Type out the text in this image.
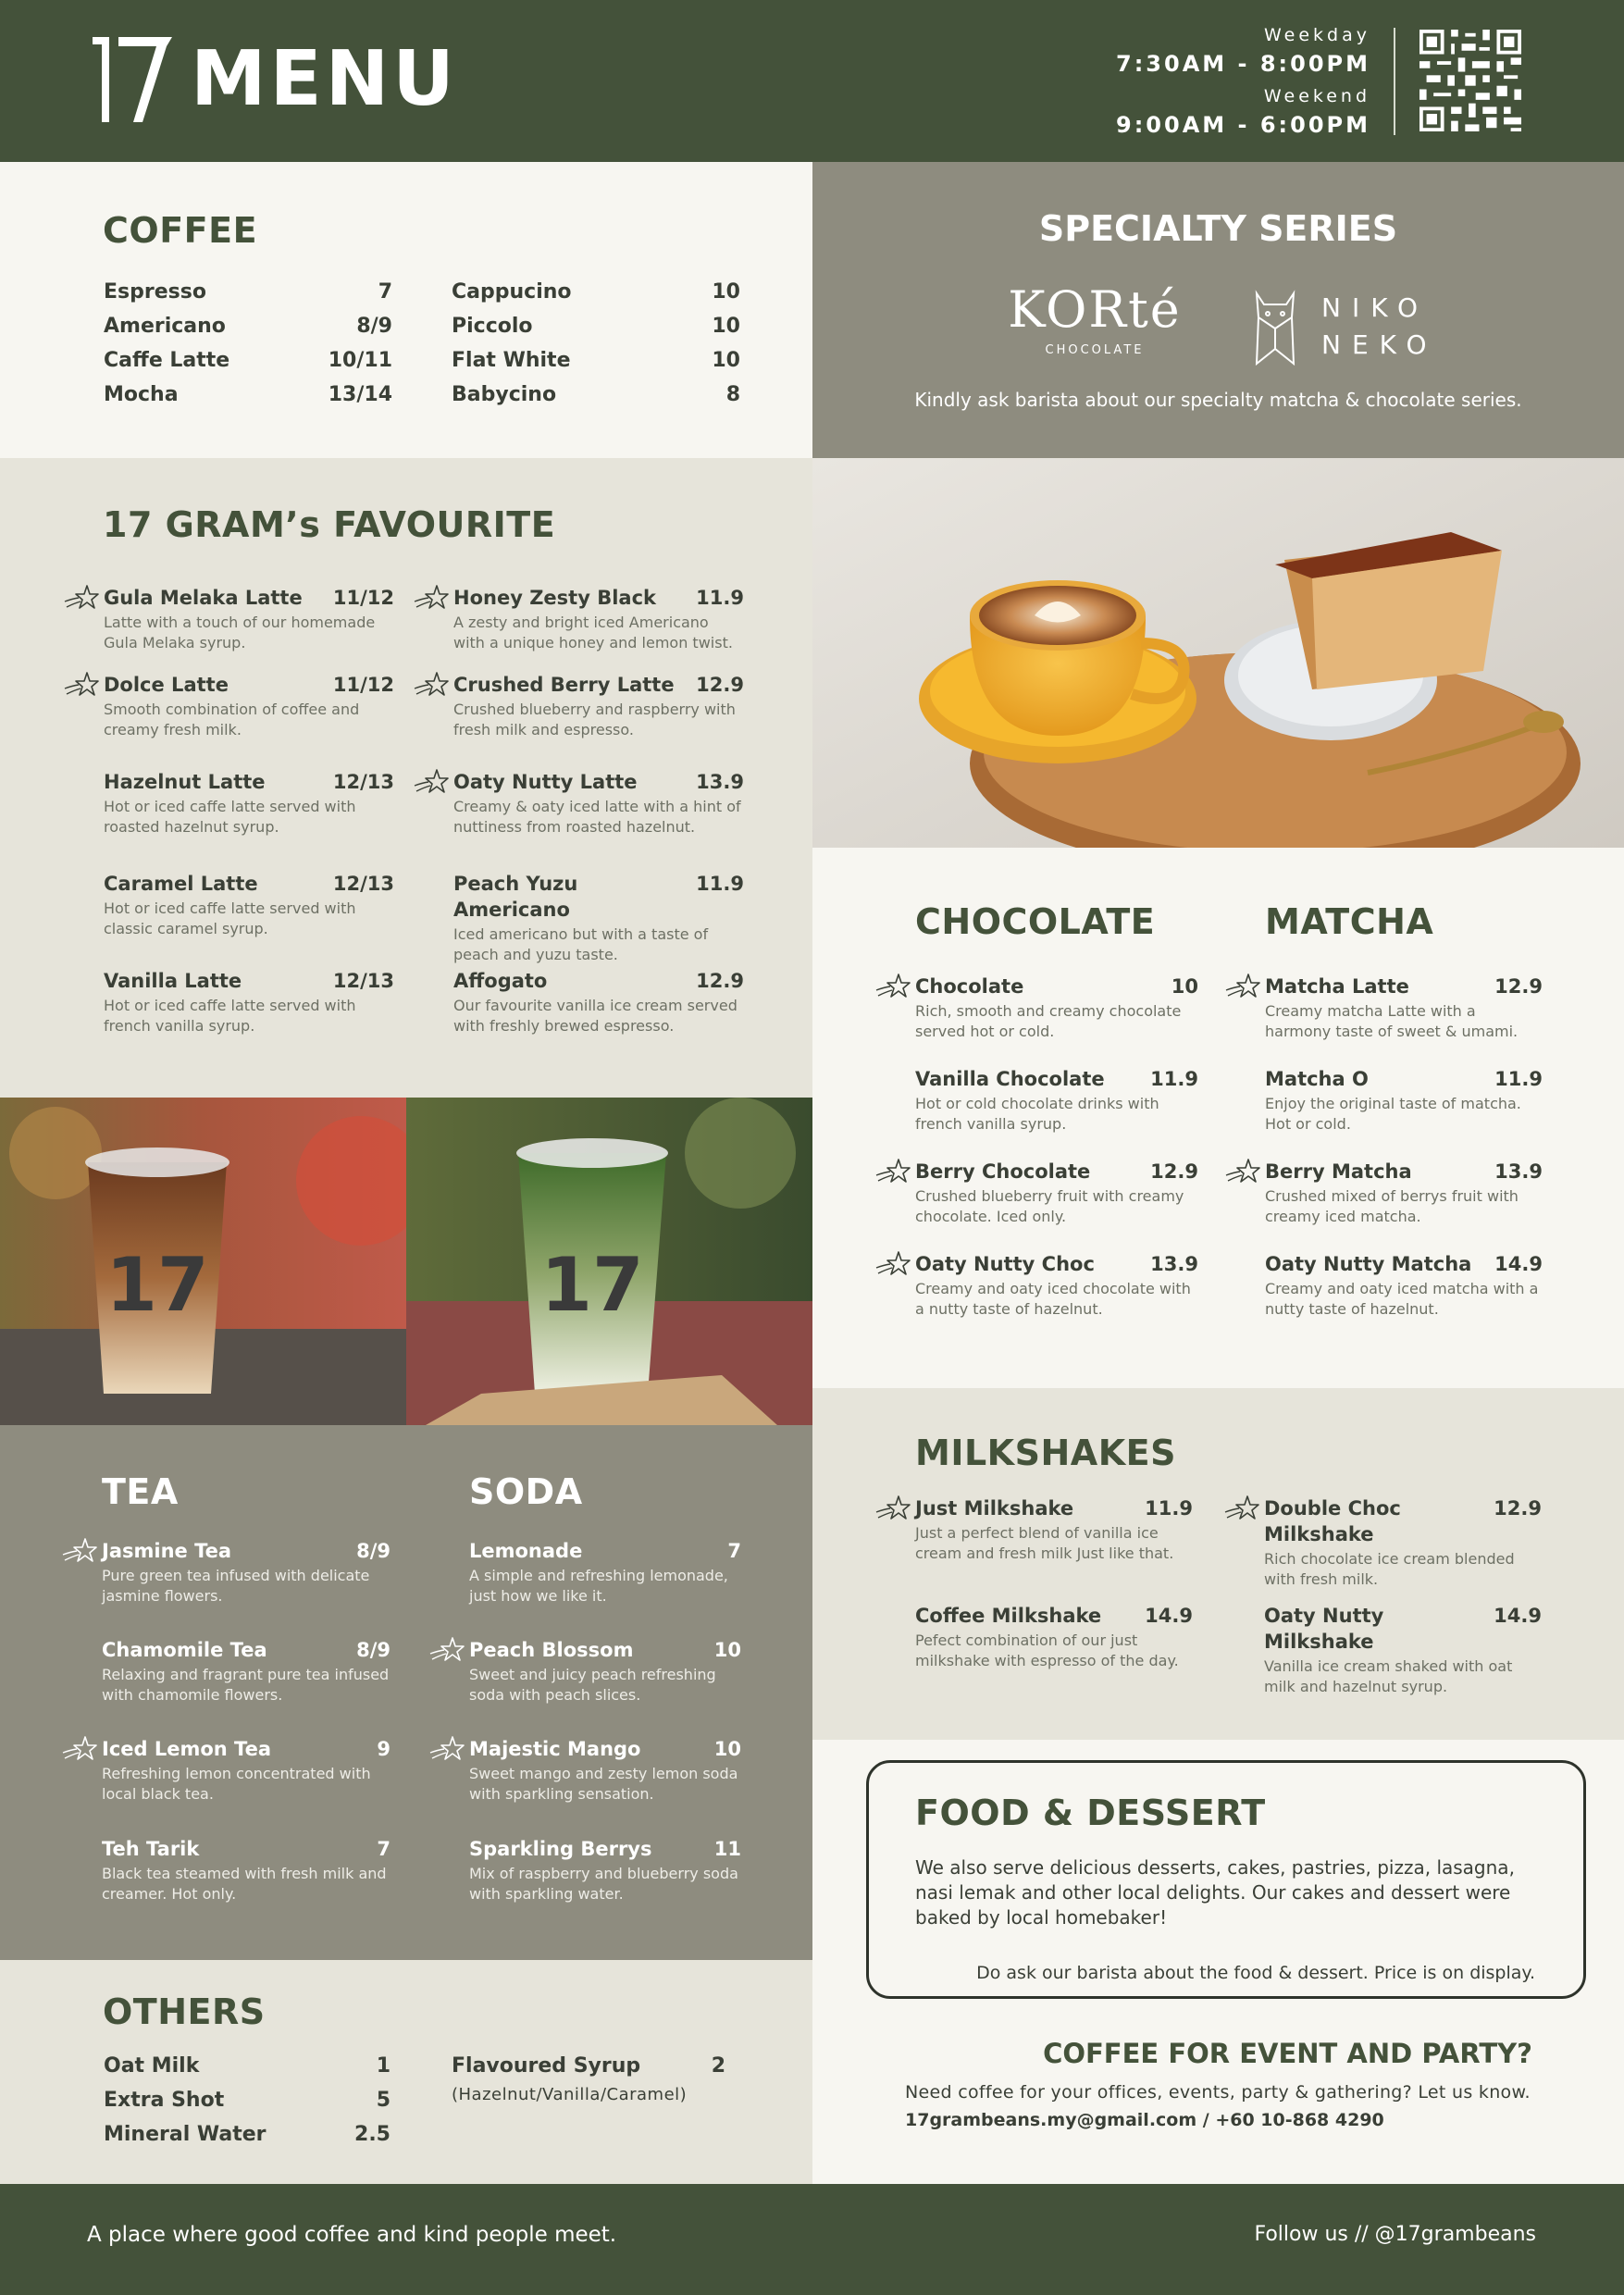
MENU	Weekday
7:30AM - 8:00PM
Weekend
9:00AM - 6:00PM
COFFEE
Espresso	7
Americano	8/9
Caffe Latte	10/11
Mocha	13/14
Cappucino	10
Piccolo	10
Flat White	10
Babycino	8
SPECIALTY SERIES
KORté
CHOCOLATE
NIKO
NEKO
Kindly ask barista about our specialty matcha & chocolate series.
17 GRAM’s FAVOURITE
Gula Melaka Latte 11/12
Latte with a touch of our homemade Gula Melaka syrup.
Honey Zesty Black 11.9
A zesty and bright iced Americano with a unique honey and lemon twist.
Dolce Latte	11/12
Smooth combination of coffee and creamy fresh milk.
Crushed Berry Latte 12.9
Crushed blueberry and raspberry with fresh milk and espresso.
Hazelnut Latte	12/13
Hot or iced caffe latte served with roasted hazelnut syrup.
Oaty Nutty Latte	13.9
Creamy & oaty iced latte with a hint of nuttiness from roasted hazelnut.
Caramel Latte	12/13
Hot or iced caffe latte served with classic caramel syrup.
Peach Yuzu Americano
11.9
Iced americano but with a taste of peach and yuzu taste.
Vanilla Latte	12/13
Hot or iced caffe latte served with french vanilla syrup.
Affogato	12.9
Our favourite vanilla ice cream served with freshly brewed espresso.
CHOCOLATE	MATCHA
Chocolate	10
Rich, smooth and creamy chocolate served hot or cold.
Vanilla Chocolate 11.9
Hot or cold chocolate drinks with french vanilla syrup.
Berry Chocolate	12.9
Crushed blueberry fruit with creamy chocolate. Iced only.
Oaty Nutty Choc	13.9
Creamy and oaty iced chocolate with a nutty taste of hazelnut.
Matcha Latte	12.9
Creamy matcha Latte with a harmony taste of sweet & umami.
Matcha O	11.9
Enjoy the original taste of matcha. Hot or cold.
Berry Matcha	13.9
Crushed mixed of berrys fruit with creamy iced matcha.
Oaty Nutty Matcha 14.9
Creamy and oaty iced matcha with a nutty taste of hazelnut.
17	17
TEA	SODA
Jasmine Tea	8/9
Pure green tea infused with delicate jasmine flowers.
Chamomile Tea	8/9
Relaxing and fragrant pure tea infused with chamomile flowers.
Iced Lemon Tea	9
Refreshing lemon concentrated with local black tea.
Teh Tarik	7
Black tea steamed with fresh milk and creamer. Hot only.
Lemonade	7
A simple and refreshing lemonade, just how we like it.
Peach Blossom	10
Sweet and juicy peach refreshing soda with peach slices.
Majestic Mango	10
Sweet mango and zesty lemon soda with sparkling sensation.
Sparkling Berrys	11
Mix of raspberry and blueberry soda with sparkling water.
MILKSHAKES
Just Milkshake	11.9
Just a perfect blend of vanilla ice cream and fresh milk Just like that.
Double Choc Milkshake
12.9
Rich chocolate ice cream blended with fresh milk.
Coffee Milkshake 14.9
Pefect combination of our just milkshake with espresso of the day.
Oaty Nutty Milkshake
14.9
Vanilla ice cream shaked with oat milk and hazelnut syrup.
OTHERS
Oat Milk	1
Extra Shot	5
Mineral Water	2.5
Flavoured Syrup	2
(Hazelnut/Vanilla/Caramel)
FOOD & DESSERT
We also serve delicious desserts, cakes, pastries, pizza, lasagna, nasi lemak and other local delights. Our cakes and dessert were baked by local homebaker!
Do ask our barista about the food & dessert. Price is on display.
COFFEE FOR EVENT AND PARTY?
Need coffee for your offices, events, party & gathering? Let us know.
17grambeans.my@gmail.com / +60 10-868 4290
A place where good coffee and kind people meet.	Follow us // @17grambeans
